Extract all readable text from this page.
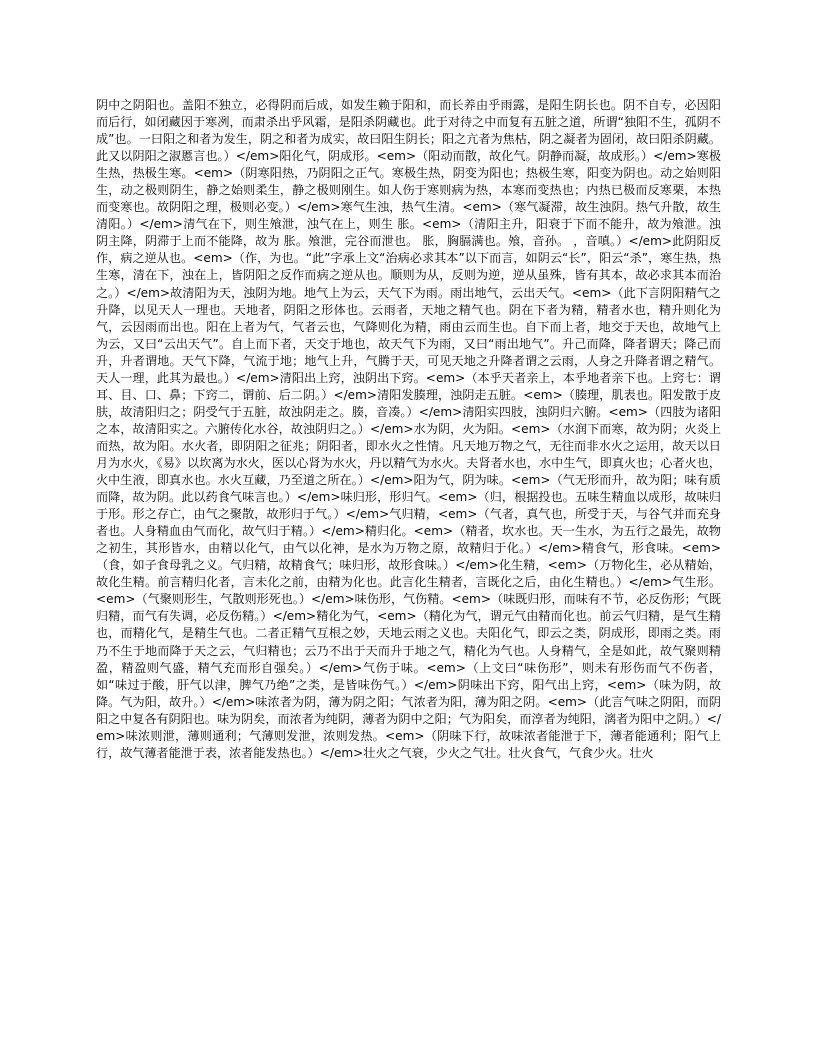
阴中之阴阳也。盖阳不独立，必得阴而后成，如发生赖于阳和，而长养由乎雨露，是阳生阴长也。阴不自专，必因阳而后行，如闭藏因于寒冽，而肃杀出乎风霜，是阳杀阴藏也。此于对待之中而复有五脏之道，所谓“独阳不生，孤阴不成”也。一曰阳之和者为发生，阴之和者为成实，故曰阳生阴长；阳之亢者为焦枯，阴之凝者为固闭，故曰阳杀阴藏。此又以阴阳之淑慝言也。）</em>阳化气，阴成形。<em>（阳动而散，故化气。阴静而凝，故成形。）</em>寒极生热，热极生寒。<em>（阴寒阳热，乃阴阳之正气。寒极生热，阴变为阳也；热极生寒，阳变为阴也。动之始则阳生，动之极则阴生，静之始则柔生，静之极则刚生。如人伤于寒则病为热，本寒而变热也；内热已极而反寒栗，本热而变寒也。故阴阳之理，极则必变。）</em>寒气生浊，热气生清。<em>（寒气凝滞，故生浊阴。热气升散，故生清阳。）</em>清气在下，则生飧泄，浊气在上，则生 胀。<em>（清阳主升，阳衰于下而不能升，故为飧泄。浊阴主降，阴滞于上而不能降，故为 胀。飧泄，完谷而泄也。 胀，胸膈满也。飧，音孙。 ，音嗔。）</em>此阴阳反作，病之逆从也。<em>（作，为也。“此”字承上文“治病必求其本”以下而言，如阴云“长”，阳云“杀”，寒生热，热生寒，清在下，浊在上，皆阴阳之反作而病之逆从也。顺则为从，反则为逆，逆从虽殊，皆有其本，故必求其本而治之。）</em>故清阳为天，浊阴为地。地气上为云，天气下为雨。雨出地气，云出天气。<em>（此下言阴阳精气之升降，以见天人一理也。天地者，阴阳之形体也。云雨者，天地之精气也。阴在下者为精，精者水也，精升则化为气，云因雨而出也。阳在上者为气，气者云也，气降则化为精，雨由云而生也。自下而上者，地交于天也，故地气上为云，又曰“云出天气”。自上而下者，天交于地也，故天气下为雨，又曰“雨出地气”。升己而降，降者谓天；降己而升，升者谓地。天气下降，气流于地；地气上升，气腾于天，可见天地之升降者谓之云雨，人身之升降者谓之精气。天人一理，此其为最也。）</em>清阳出上窍，浊阴出下窍。<em>（本乎天者亲上，本乎地者亲下也。上窍七：谓耳、目、口、鼻；下窍二，谓前、后二阴。）</em>清阳发腠理，浊阴走五脏。<em>（腠理，肌表也。阳发散于皮肤，故清阳归之；阴受气于五脏，故浊阴走之。腠，音凑。）</em>清阳实四肢，浊阴归六腑。<em>（四肢为诸阳之本，故清阳实之。六腑传化水谷，故浊阴归之。）</em>水为阴，火为阳。<em>（水润下而寒，故为阴；火炎上而热，故为阳。水火者，即阴阳之征兆；阴阳者，即水火之性情。凡天地万物之气，无往而非水火之运用，故天以日月为水火，《易》以坎离为水火，医以心肾为水火，丹以精气为水火。夫肾者水也，水中生气，即真火也；心者火也，火中生液，即真水也。水火互藏，乃至道之所在。）</em>阳为气，阴为味。<em>（气无形而升，故为阳；味有质而降，故为阴。此以药食气味言也。）</em>味归形，形归气。<em>（归，根据投也。五味生精血以成形，故味归于形。形之存亡，由气之聚散，故形归于气。）</em>气归精，<em>（气者，真气也，所受于天，与谷气并而充身者也。人身精血由气而化，故气归于精。）</em>精归化。<em>（精者，坎水也。天一生水，为五行之最先，故物之初生，其形皆水，由精以化气，由气以化神，是水为万物之原，故精归于化。）</em>精食气，形食味。<em>（食，如子食母乳之义。气归精，故精食气；味归形，故形食味。）</em>化生精，<em>（万物化生，必从精始，故化生精。前言精归化者，言未化之前，由精为化也。此言化生精者，言既化之后，由化生精也。）</em>气生形。<em>（气聚则形生，气散则形死也。）</em>味伤形，气伤精。<em>（味既归形，而味有不节，必反伤形；气既归精，而气有失调，必反伤精。）</em>精化为气，<em>（精化为气，谓元气由精而化也。前云气归精，是气生精也，而精化气，是精生气也。二者正精气互根之妙，天地云雨之义也。夫阳化气，即云之类，阴成形，即雨之类。雨乃不生于地而降于天之云，气归精也；云乃不出于天而升于地之气，精化为气也。人身精气，全是如此，故气聚则精盈，精盈则气盛，精气充而形自强矣。）</em>气伤于味。<em>（上文曰“味伤形”，则未有形伤而气不伤者，如“味过于酸，肝气以津，脾气乃绝”之类，是皆味伤气。）</em>阴味出下窍，阳气出上窍，<em>（味为阴，故降。气为阳，故升。）</em>味浓者为阴，薄为阴之阳；气浓者为阳，薄为阳之阴。<em>（此言气味之阴阳，而阴阳之中复各有阴阳也。味为阴矣，而浓者为纯阴，薄者为阴中之阳；气为阳矣，而淳者为纯阳，漓者为阳中之阴。）</em>味浓则泄，薄则通利；气薄则发泄，浓则发热。<em>（阴味下行，故味浓者能泄于下，薄者能通利；阳气上行，故气薄者能泄于表，浓者能发热也。）</em>壮火之气衰，少火之气壮。壮火食气，气食少火。壮火
